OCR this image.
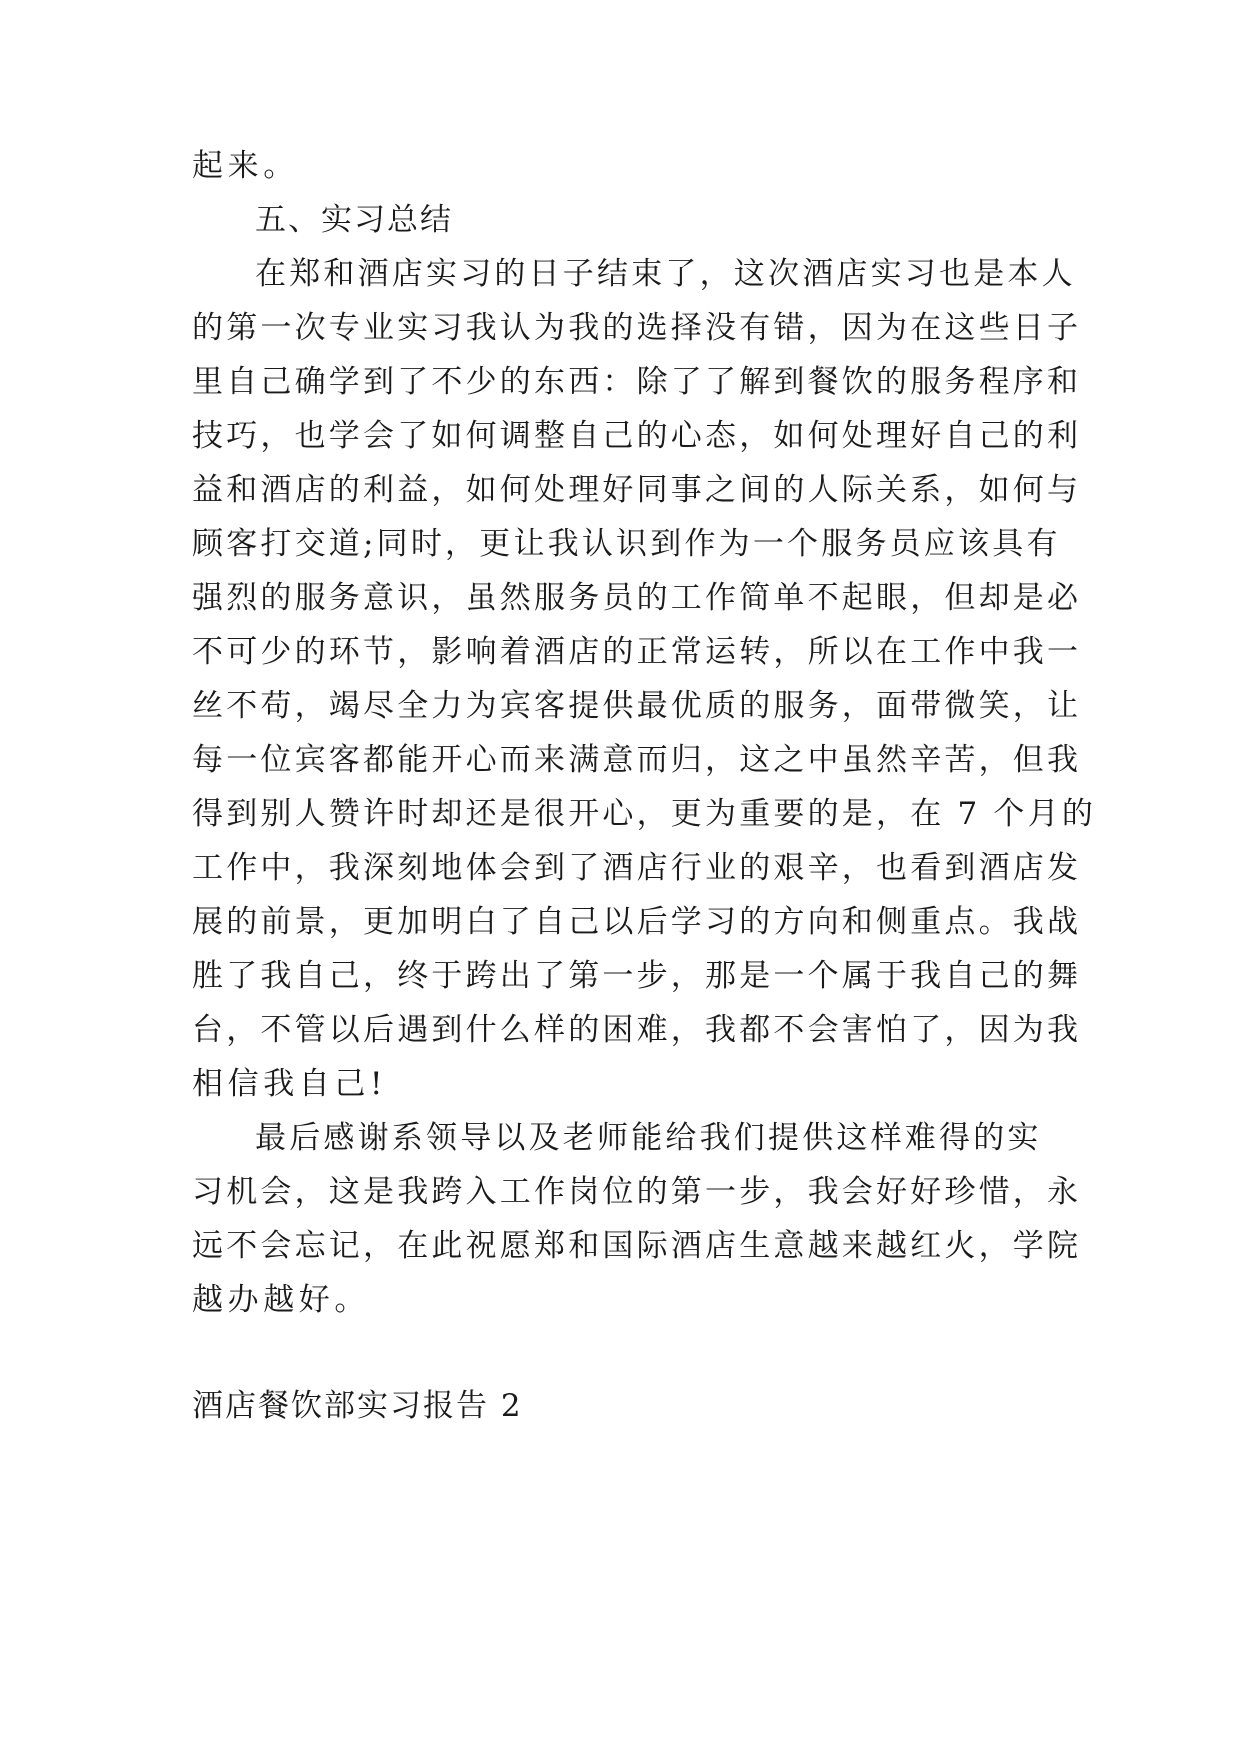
起来。
五、实习总结
在郑和酒店实习的日子结束了，这次酒店实习也是本人
的第一次专业实习我认为我的选择没有错，因为在这些日子
里自己确学到了不少的东西：除了了解到餐饮的服务程序和
技巧，也学会了如何调整自己的心态，如何处理好自己的利
益和酒店的利益，如何处理好同事之间的人际关系，如何与
顾客打交道;同时，更让我认识到作为一个服务员应该具有
强烈的服务意识，虽然服务员的工作简单不起眼，但却是必
不可少的环节，影响着酒店的正常运转，所以在工作中我一
丝不苟，竭尽全力为宾客提供最优质的服务，面带微笑，让
每一位宾客都能开心而来满意而归，这之中虽然辛苦，但我
得到别人赞许时却还是很开心，更为重要的是，在 7 个月的
工作中，我深刻地体会到了酒店行业的艰辛，也看到酒店发
展的前景，更加明白了自己以后学习的方向和侧重点。我战
胜了我自己，终于跨出了第一步，那是一个属于我自己的舞
台，不管以后遇到什么样的困难，我都不会害怕了，因为我
相信我自己!
最后感谢系领导以及老师能给我们提供这样难得的实
习机会，这是我跨入工作岗位的第一步，我会好好珍惜，永
远不会忘记，在此祝愿郑和国际酒店生意越来越红火，学院
越办越好。
酒店餐饮部实习报告 2
